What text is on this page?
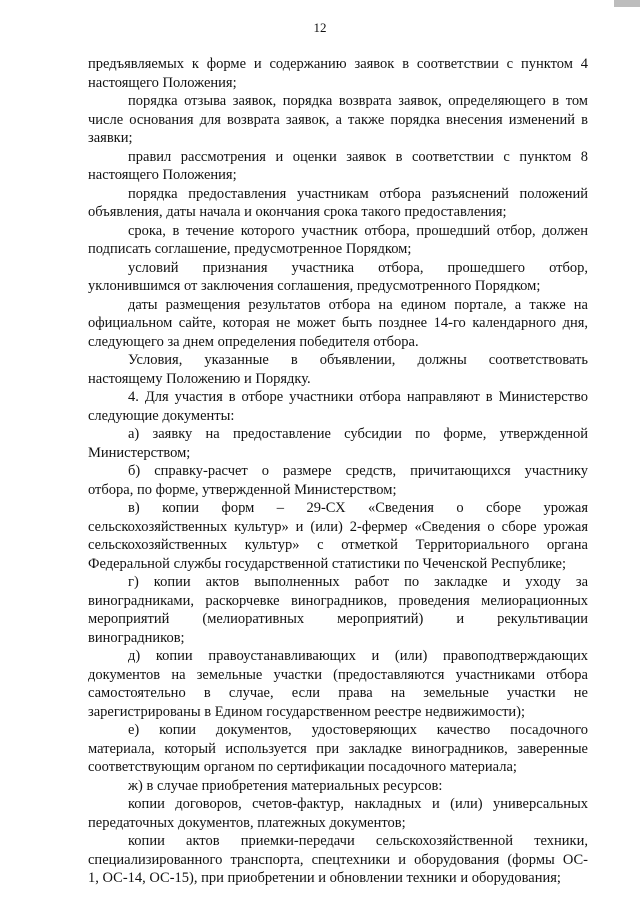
12

предъявляемых к форме и содержанию заявок в соответствии с пунктом 4
настоящего Положения;

порядка отзыва заявок, порядка возврата заявок, определяющего в том
числе основания для возврата заявок, а также порядка внесения изменений в
заявки;

правил рассмотрения и оценки заявок в соответствии с пунктом 8
настоящего Положения;

порядка предоставления участникам отбора разъяснений положений
объявления, даты начала и окончания срока такого предоставления;

срока, в течение которого участник отбора, прошедший отбор, должен
подписать соглашение, предусмотренное Порядком;

условий признания участника отбора, прошедшего отбор,
уклонившимся от заключения соглашения, предусмотренного Порядком;

даты размещения результатов отбора на едином портале, а также на
официальном сайте, которая не может быть позднее 14-го календарного дня,
следующего за днем определения победителя отбора.

Условия, указанные в объявлении, должны соответствовать
настоящему Положению и Порядку.

4. Для участия в отборе участники отбора направляют в Министерство
следующие документы:

а) заявку на предоставление субсидии по форме, утвержденной
Министерством;

б) справку-расчет о размере средств, причитающихся участнику
отбора, по форме, утвержденной Министерством;

в) копии форм – 29-СХ «Сведения о сборе урожая
сельскохозяйственных культур» и (или) 2-фермер «Сведения о сборе урожая
сельскохозяйственных культур» с отметкой Территориального органа
Федеральной службы государственной статистики по Чеченской Республике;

г) копии актов выполненных работ по закладке и уходу за
виноградниками, раскорчевке виноградников, проведения мелиорационных
мероприятий (мелиоративных мероприятий) и рекультивации
виноградников;

д) копии правоустанавливающих и (или) правоподтверждающих
документов на земельные участки (предоставляются участниками отбора
самостоятельно в случае, если права на земельные участки не
зарегистрированы в Едином государственном реестре недвижимости);

е) копии документов, удостоверяющих качество посадочного
материала, который используется при закладке виноградников, заверенные
соответствующим органом по сертификации посадочного материала;

ж) в случае приобретения материальных ресурсов:

копии договоров, счетов-фактур, накладных и (или) универсальных
передаточных документов, платежных документов;

копии актов приемки-передачи сельскохозяйственной техники,
специализированного транспорта, спецтехники и оборудования (формы ОС-
1, ОС-14, ОС-15), при приобретении и обновлении техники и оборудования;
